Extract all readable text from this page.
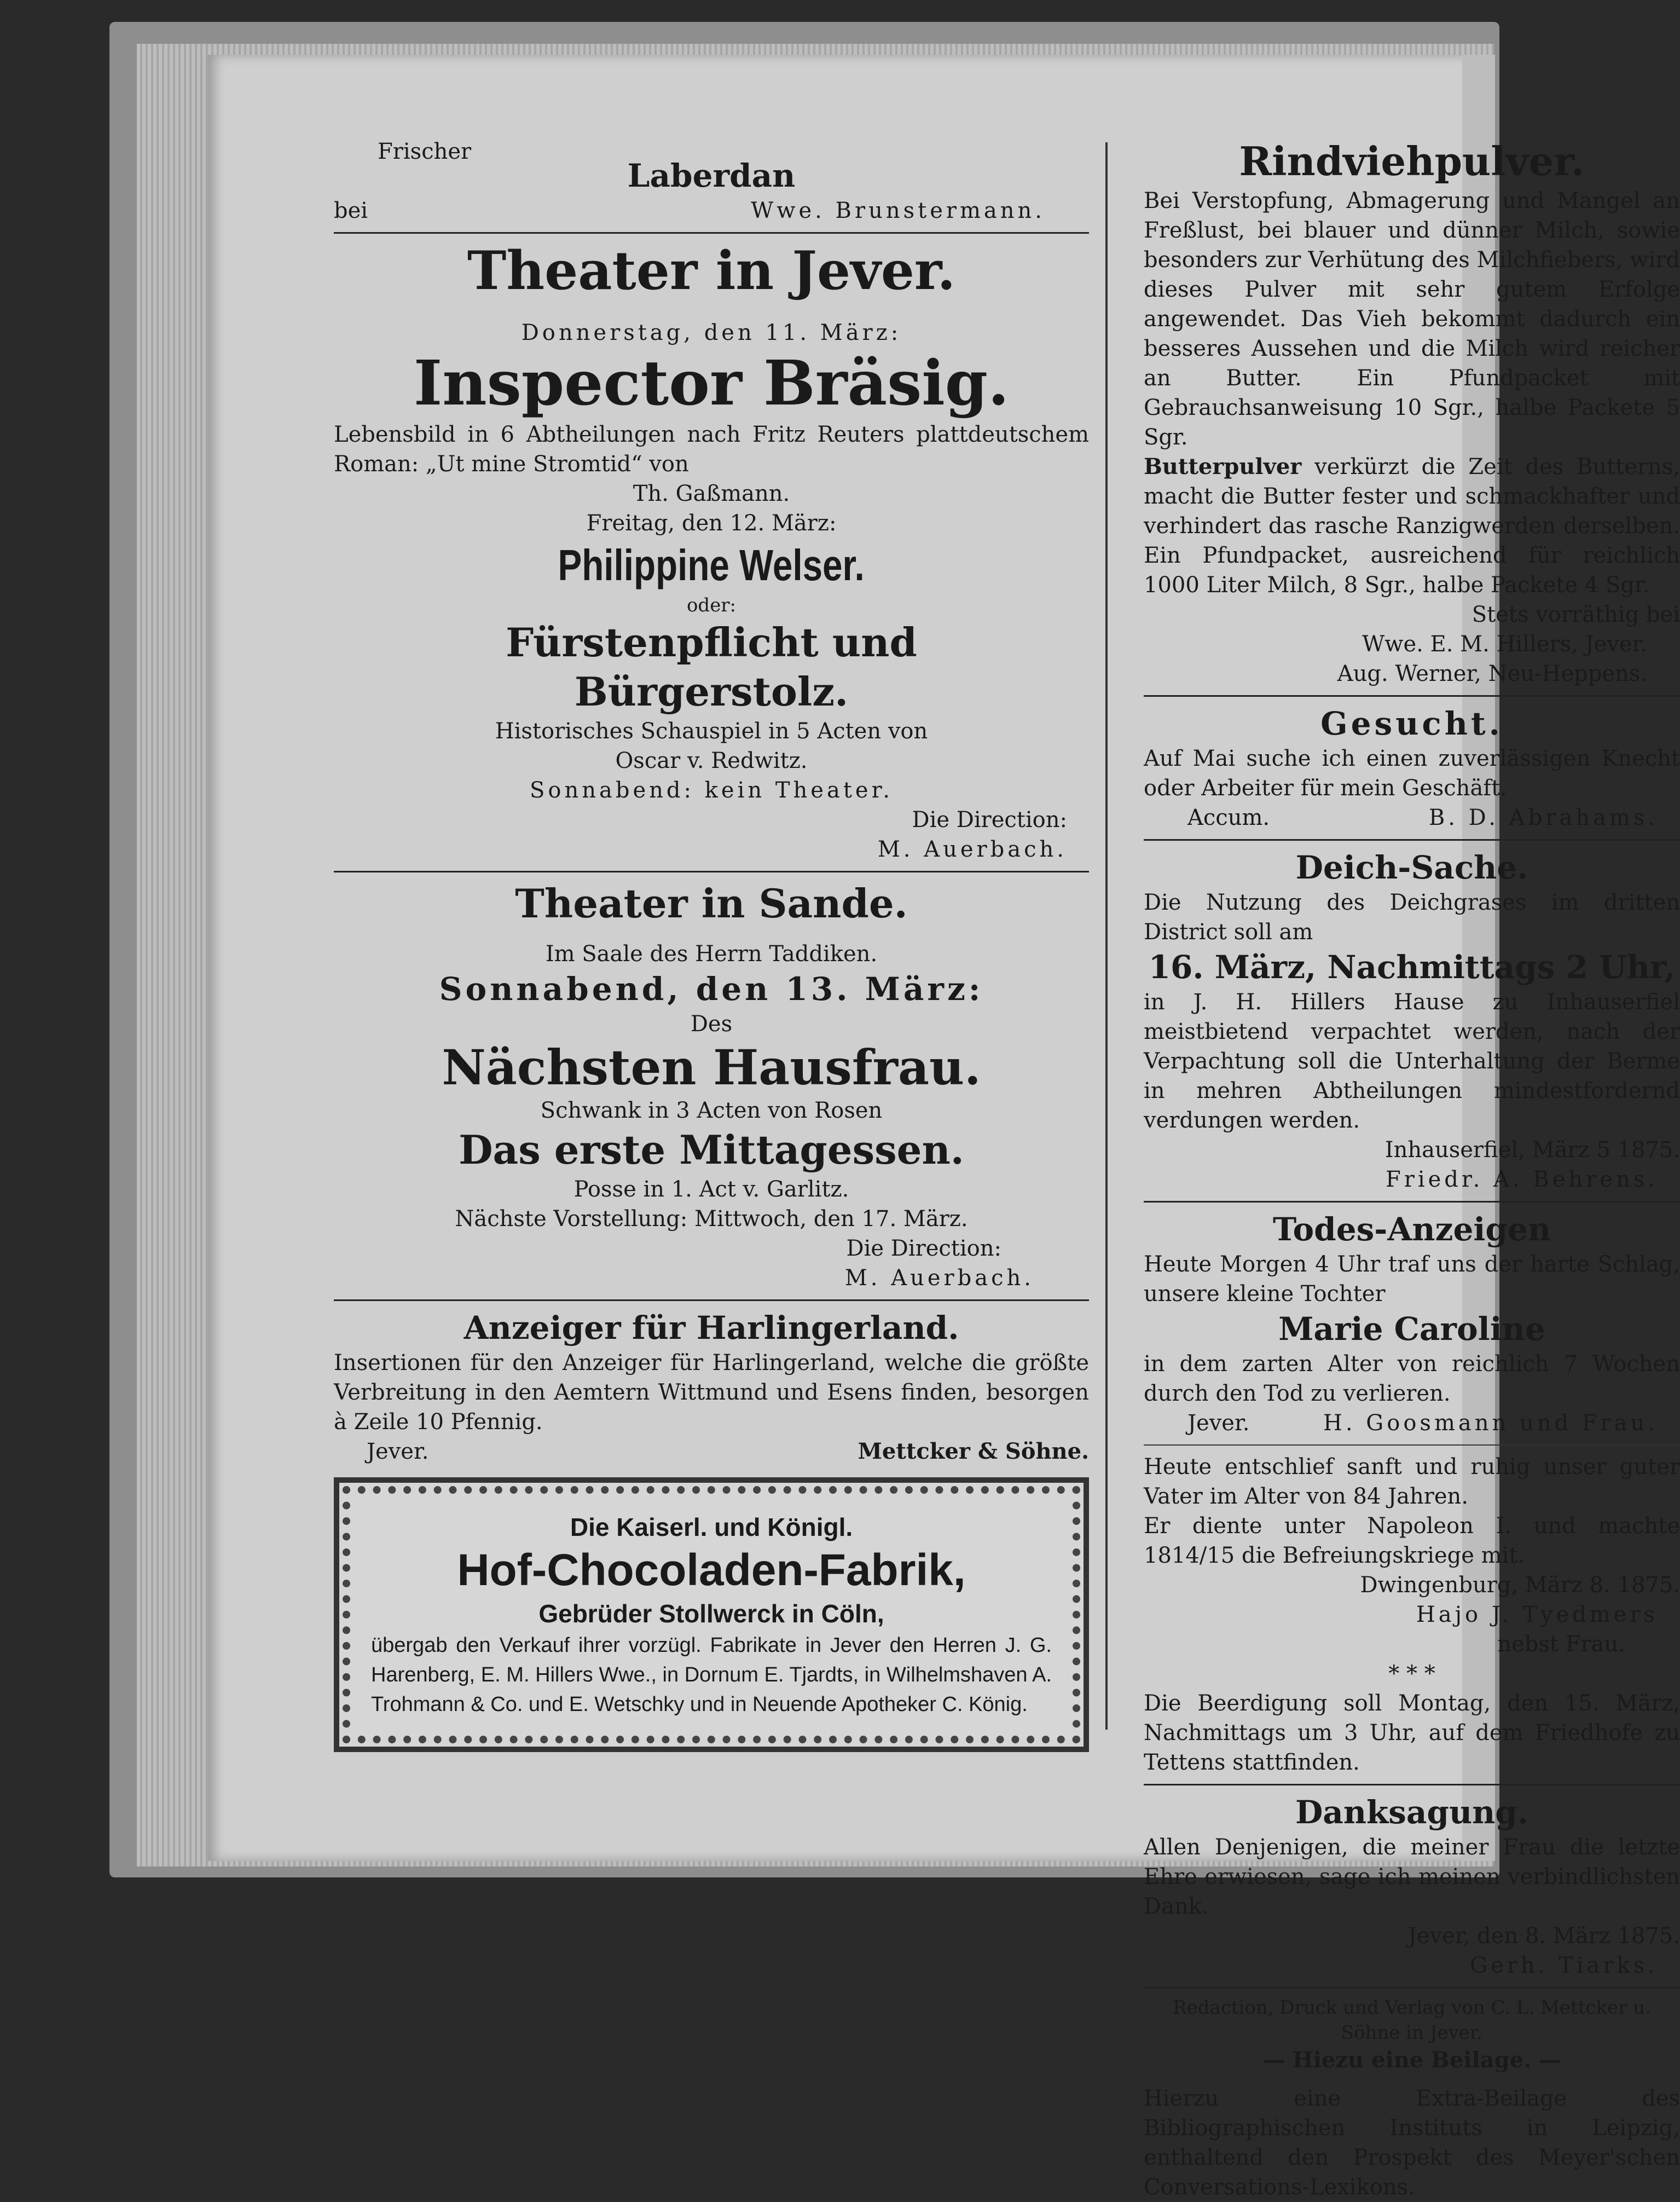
Frischer

Laberdan

bei	Wwe. Brunstermann.

Theater in Jever.

Donnerstag, den 11. März:

Inspector Bräsig.

Lebensbild in 6 Abtheilungen nach Fritz Reuters plattdeutschem Roman: „Ut mine Stromtid“ von

Th. Gaßmann.

Freitag, den 12. März:

Philippine Welser.

oder:

Fürstenpflicht und

Bürgerstolz.

Historisches Schauspiel in 5 Acten von

Oscar v. Redwitz.

Sonnabend: kein Theater.

Die Direction:

M. Auerbach.

Theater in Sande.

Im Saale des Herrn Taddiken.

Sonnabend, den 13. März:

Des

Nächsten Hausfrau.

Schwank in 3 Acten von Rosen

Das erste Mittagessen.

Posse in 1. Act v. Garlitz.

Nächste Vorstellung: Mittwoch, den 17. März.

Die Direction:

M. Auerbach.

Anzeiger für Harlingerland.

Insertionen für den Anzeiger für Harlingerland, welche die größte Verbreitung in den Aemtern Wittmund und Esens finden, besorgen à Zeile 10 Pfennig.

Jever.	Mettcker & Söhne.

Die Kaiserl. und Königl.

Hof-Chocoladen-Fabrik,

Gebrüder Stollwerck in Cöln,

übergab den Verkauf ihrer vorzügl. Fabrikate in Jever den Herren J. G. Harenberg, E. M. Hillers Wwe., in Dornum E. Tjardts, in Wilhelmshaven A. Trohmann & Co. und E. Wetschky und in Neuende Apotheker C. König.

Rindviehpulver.

Bei Verstopfung, Abmagerung und Mangel an Freßlust, bei blauer und dünner Milch, sowie besonders zur Verhütung des Milchfiebers, wird dieses Pulver mit sehr gutem Erfolge angewendet. Das Vieh bekommt dadurch ein besseres Aussehen und die Milch wird reicher an Butter. Ein Pfundpacket mit Gebrauchsanweisung 10 Sgr., halbe Packete 5 Sgr.

Butterpulver verkürzt die Zeit des Butterns, macht die Butter fester und schmackhafter und verhindert das rasche Ranzigwerden derselben. Ein Pfundpacket, ausreichend für reichlich 1000 Liter Milch, 8 Sgr., halbe Packete 4 Sgr.

Stets vorräthig bei

Wwe. E. M. Hillers, Jever.

Aug. Werner, Neu-Heppens.

Gesucht.

Auf Mai suche ich einen zuverlässigen Knecht oder Arbeiter für mein Geschäft.

Accum.	B. D. Abrahams.

Deich-Sache.

Die Nutzung des Deichgrases im dritten District soll am

16. März, Nachmittags 2 Uhr,

in J. H. Hillers Hause zu Inhauserfiel meistbietend verpachtet werden, nach der Verpachtung soll die Unterhaltung der Berme in mehren Abtheilungen mindestfordernd verdungen werden.

Inhauserfiel, März 5 1875.

Friedr. A. Behrens.

Todes-Anzeigen

Heute Morgen 4 Uhr traf uns der harte Schlag, unsere kleine Tochter

Marie Caroline

in dem zarten Alter von reichlich 7 Wochen durch den Tod zu verlieren.

Jever.	H. Goosmann und Frau.

Heute entschlief sanft und ruhig unser guter Vater im Alter von 84 Jahren.

Er diente unter Napoleon I. und machte 1814/15 die Befreiungskriege mit.

Dwingenburg, März 8. 1875.

Hajo J. Tyedmers

nebst Frau.

* * *

Die Beerdigung soll Montag, den 15. März, Nachmittags um 3 Uhr, auf dem Friedhofe zu Tettens stattfinden.

Danksagung.

Allen Denjenigen, die meiner Frau die letzte Ehre erwiesen, sage ich meinen verbindlichsten Dank.

Jever, den 8. März 1875.

Gerh. Tiarks.

Redaction, Druck und Verlag von C. L. Mettcker u. Söhne in Jever.

— Hiezu eine Beilage. —

Hierzu eine Extra-Beilage des Bibliographischen Instituts in Leipzig, enthaltend den Prospekt des Meyer'schen Conversations-Lexikons.
